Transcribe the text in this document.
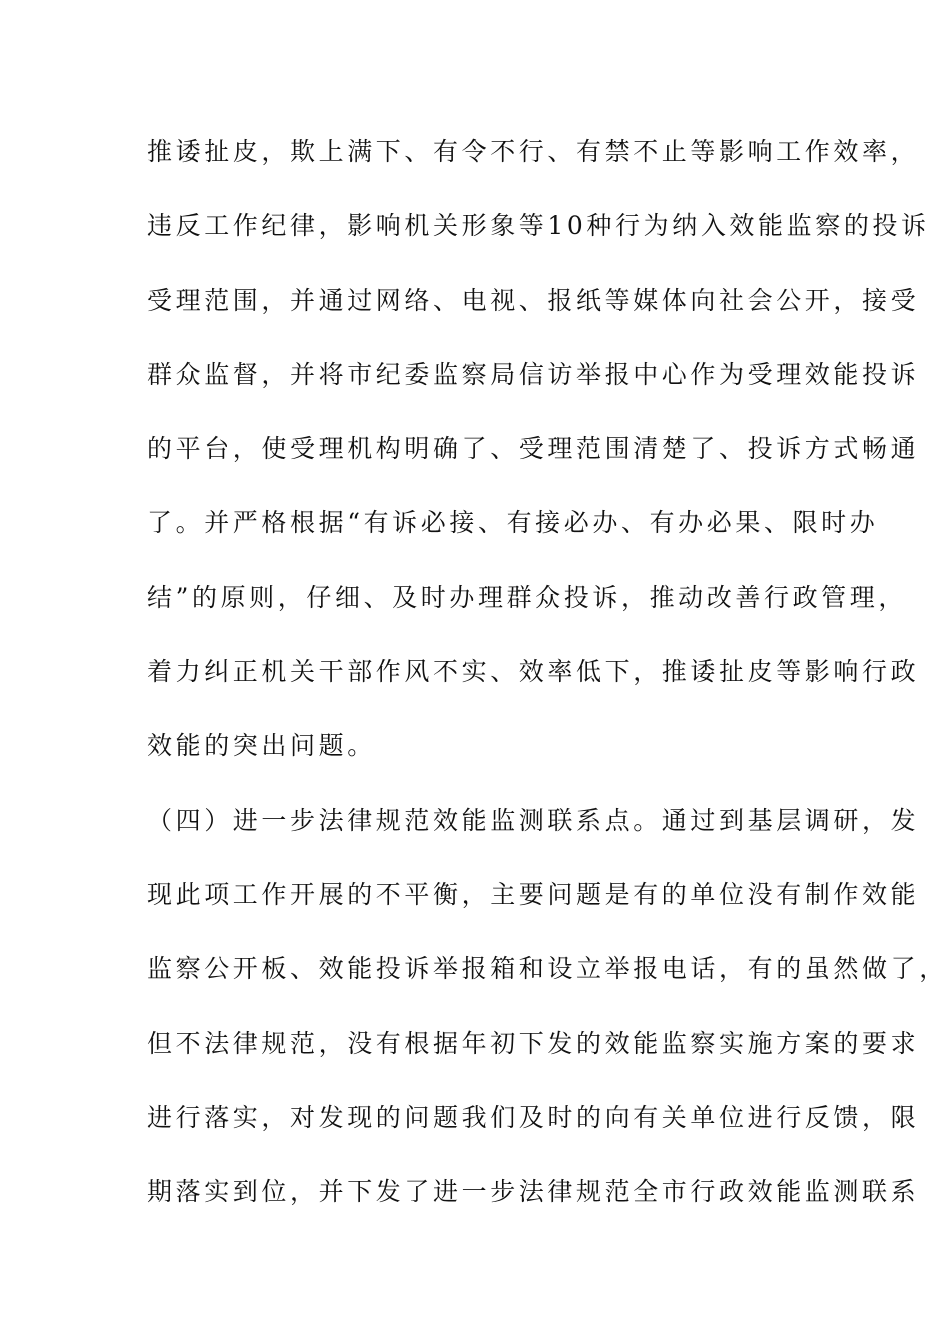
推诿扯皮，欺上满下、有令不行、有禁不止等影响工作效率，
违反工作纪律，影响机关形象等10种行为纳入效能监察的投诉
受理范围，并通过网络、电视、报纸等媒体向社会公开，接受
群众监督，并将市纪委监察局信访举报中心作为受理效能投诉
的平台，使受理机构明确了、受理范围清楚了、投诉方式畅通
了。并严格根据“有诉必接、有接必办、有办必果、限时办
结”的原则，仔细、及时办理群众投诉，推动改善行政管理，
着力纠正机关干部作风不实、效率低下，推诿扯皮等影响行政
效能的突出问题。
（四）进一步法律规范效能监测联系点。通过到基层调研，发
现此项工作开展的不平衡，主要问题是有的单位没有制作效能
监察公开板、效能投诉举报箱和设立举报电话，有的虽然做了，
但不法律规范，没有根据年初下发的效能监察实施方案的要求
进行落实，对发现的问题我们及时的向有关单位进行反馈，限
期落实到位，并下发了进一步法律规范全市行政效能监测联系
